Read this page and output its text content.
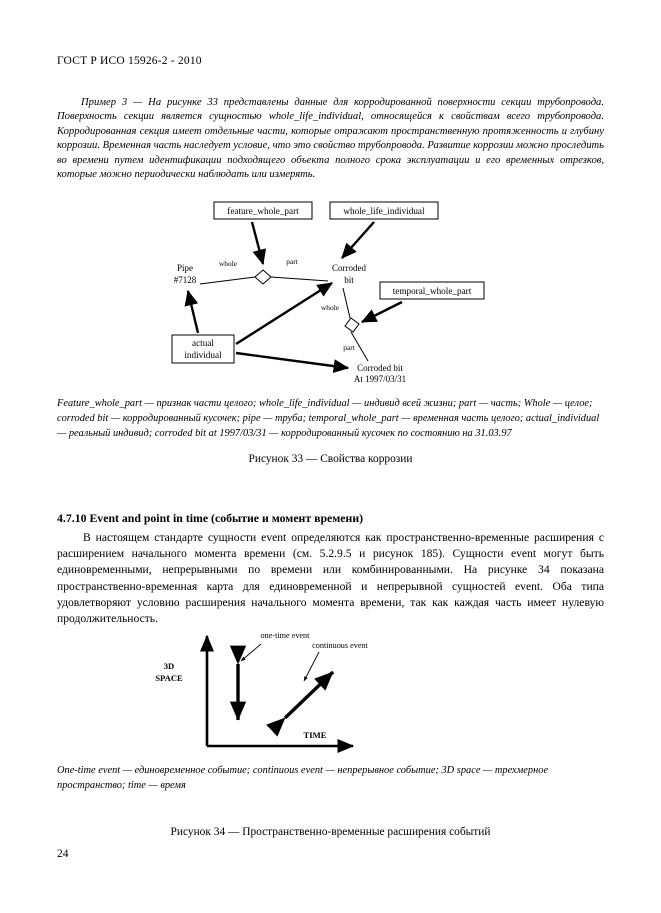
ГОСТ Р ИСО 15926-2 - 2010

Пример 3 — На рисунке 33 представлены данные для корродированной поверхности секции трубопровода. Поверхность секции является сущностью whole_life_individual, относящейся к свойствам всего трубопровода. Корродированная секция имеет отдельные части, которые отражают пространственную протяженность и глубину коррозии. Временная часть наследует условие, что это свойство трубопровода. Развитие коррозии можно проследить во времени путем идентификации подходящего объекта полного срока эксплуатации и его временных отрезков, которые можно периодически наблюдать или измерять.

feature_whole_part	whole_life_individual
temporal_whole_part
actual
individual
Pipe
#7128
Corroded
bit
Corroded bit
At 1997/03/31
whole	part
whole
part

Feature_whole_part — признак части целого; whole_life_individual — индивид всей жизни; part — часть; Whole — целое; corroded bit — корродированный кусочек; pipe — труба; temporal_whole_part — временная часть целого; actual_individual — реальный индивид; corroded bit at 1997/03/31 — корродированный кусочек по состоянию на 31.03.97

Рисунок 33 — Свойства коррозии
4.7.10 Event and point in time (событие и момент времени)

В настоящем стандарте сущности event определяются как пространственно-временные расширения с расширением начального момента времени (см. 5.2.9.5 и рисунок 185). Сущности event могут быть единовременными, непрерывными по времени или комбинированными. На рисунке 34 показана пространственно-временная карта для единовременной и непрерывной сущностей event. Оба типа удовлетворяют условию расширения начального момента времени, так как каждая часть имеет нулевую продолжительность.

3D
SPACE
TIME
one-time event
continuous event

One-time event — единовременное событие; continuous event — непрерывное событие; 3D space — трехмерное пространство; time — время

Рисунок 34 — Пространственно-временные расширения событий
24
